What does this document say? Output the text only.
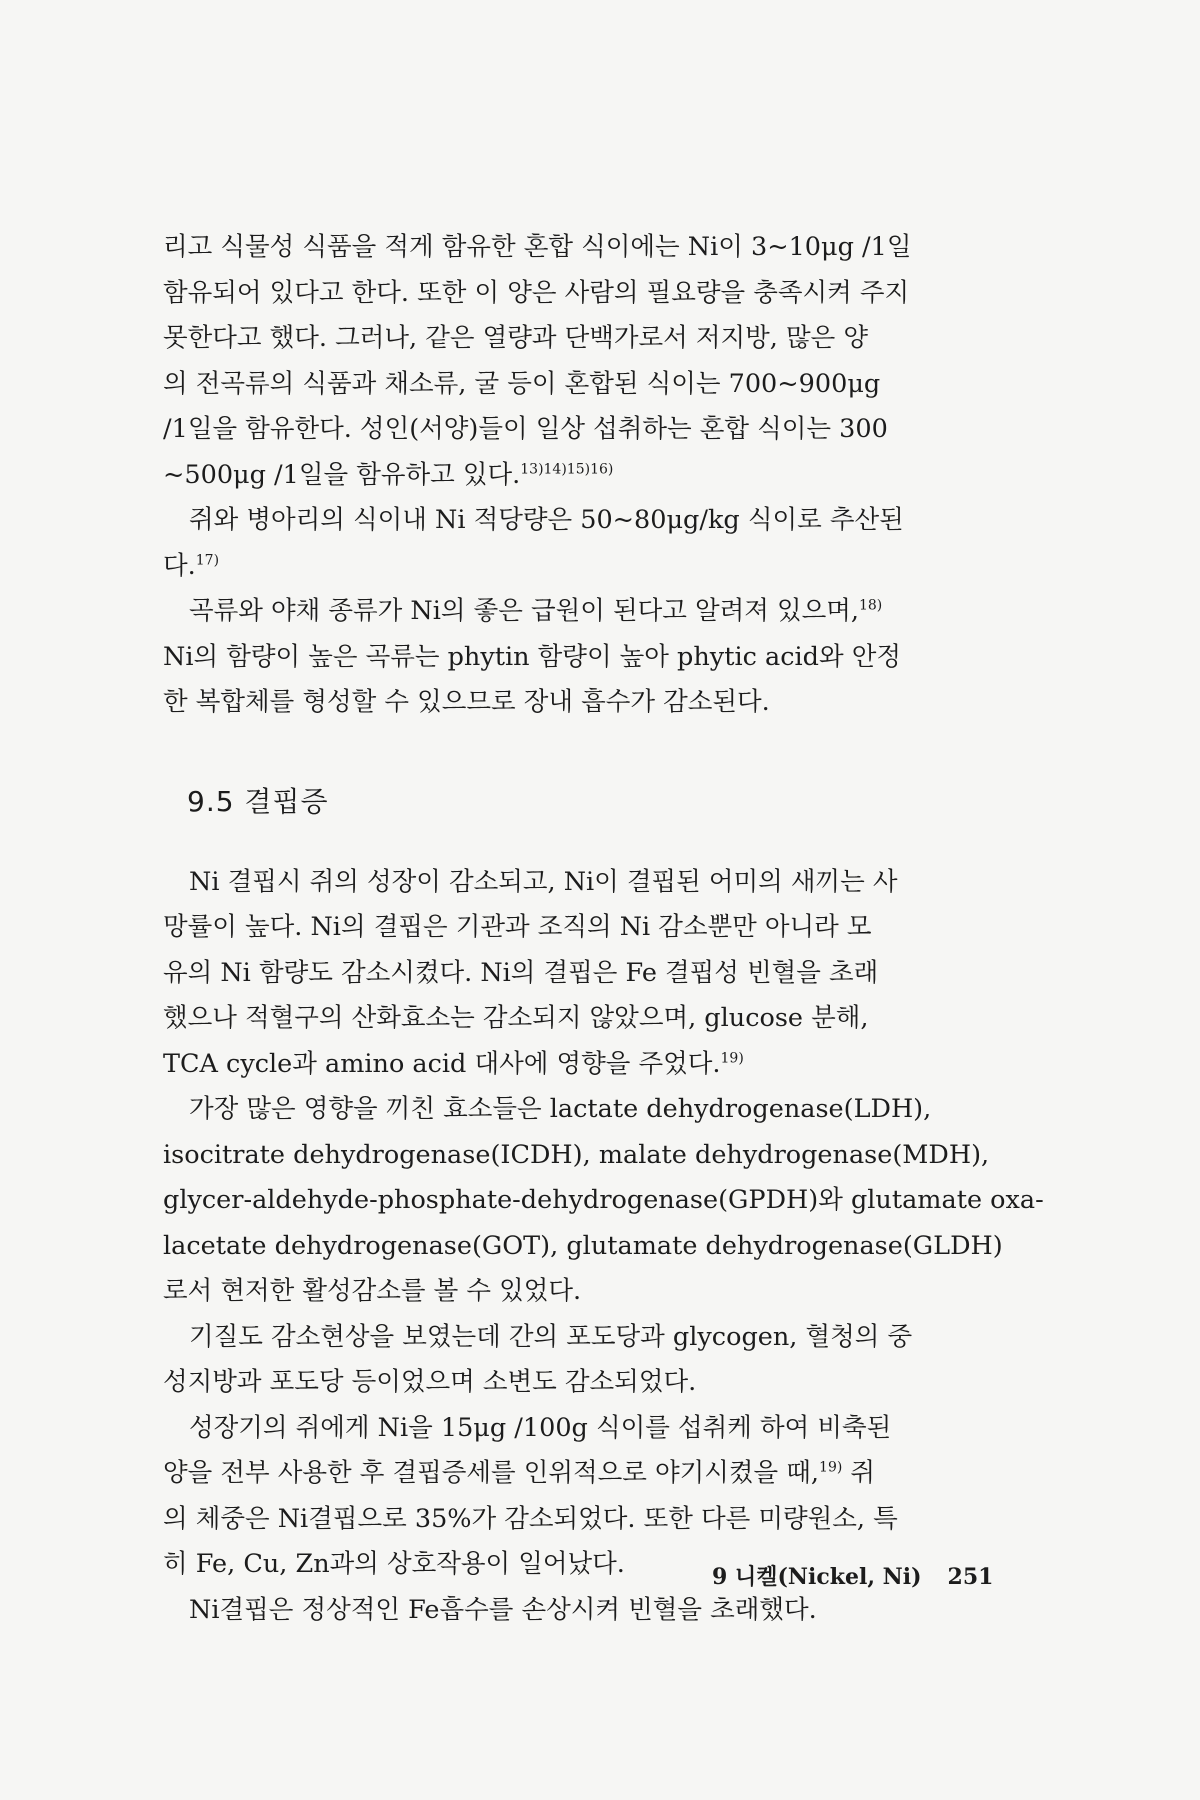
리고 식물성 식품을 적게 함유한 혼합 식이에는 Ni이 3~10μg /1일
함유되어 있다고 한다. 또한 이 양은 사람의 필요량을 충족시켜 주지
못한다고 했다. 그러나, 같은 열량과 단백가로서 저지방, 많은 양
의 전곡류의 식품과 채소류, 굴 등이 혼합된 식이는 700~900μg
/1일을 함유한다. 성인(서양)들이 일상 섭취하는 혼합 식이는 300
~500μg /1일을 함유하고 있다.$^{13)14)15)16)}$
쥐와 병아리의 식이내 Ni 적당량은 50~80μg/kg 식이로 추산된
다.$^{17)}$
곡류와 야채 종류가 Ni의 좋은 급원이 된다고 알려져 있으며,$^{18)}$
Ni의 함량이 높은 곡류는 phytin 함량이 높아 phytic acid와 안정
한 복합체를 형성할 수 있으므로 장내 흡수가 감소된다.
9.5 결핍증
Ni 결핍시 쥐의 성장이 감소되고, Ni이 결핍된 어미의 새끼는 사
망률이 높다. Ni의 결핍은 기관과 조직의 Ni 감소뿐만 아니라 모
유의 Ni 함량도 감소시켰다. Ni의 결핍은 Fe 결핍성 빈혈을 초래
했으나 적혈구의 산화효소는 감소되지 않았으며, glucose 분해,
TCA cycle과 amino acid 대사에 영향을 주었다.$^{19)}$
가장 많은 영향을 끼친 효소들은 lactate dehydrogenase(LDH),
isocitrate dehydrogenase(ICDH), malate dehydrogenase(MDH),
glycer-aldehyde-phosphate-dehydrogenase(GPDH)와 glutamate oxa-
lacetate dehydrogenase(GOT), glutamate dehydrogenase(GLDH)
로서 현저한 활성감소를 볼 수 있었다.
기질도 감소현상을 보였는데 간의 포도당과 glycogen, 혈청의 중
성지방과 포도당 등이었으며 소변도 감소되었다.
성장기의 쥐에게 Ni을 15μg /100g 식이를 섭취케 하여 비축된
양을 전부 사용한 후 결핍증세를 인위적으로 야기시켰을 때,$^{19)}$ 쥐
의 체중은 Ni결핍으로 35%가 감소되었다. 또한 다른 미량원소, 특
히 Fe, Cu, Zn과의 상호작용이 일어났다.
Ni결핍은 정상적인 Fe흡수를 손상시켜 빈혈을 초래했다.
9 니켈(Nickel, Ni) 251
